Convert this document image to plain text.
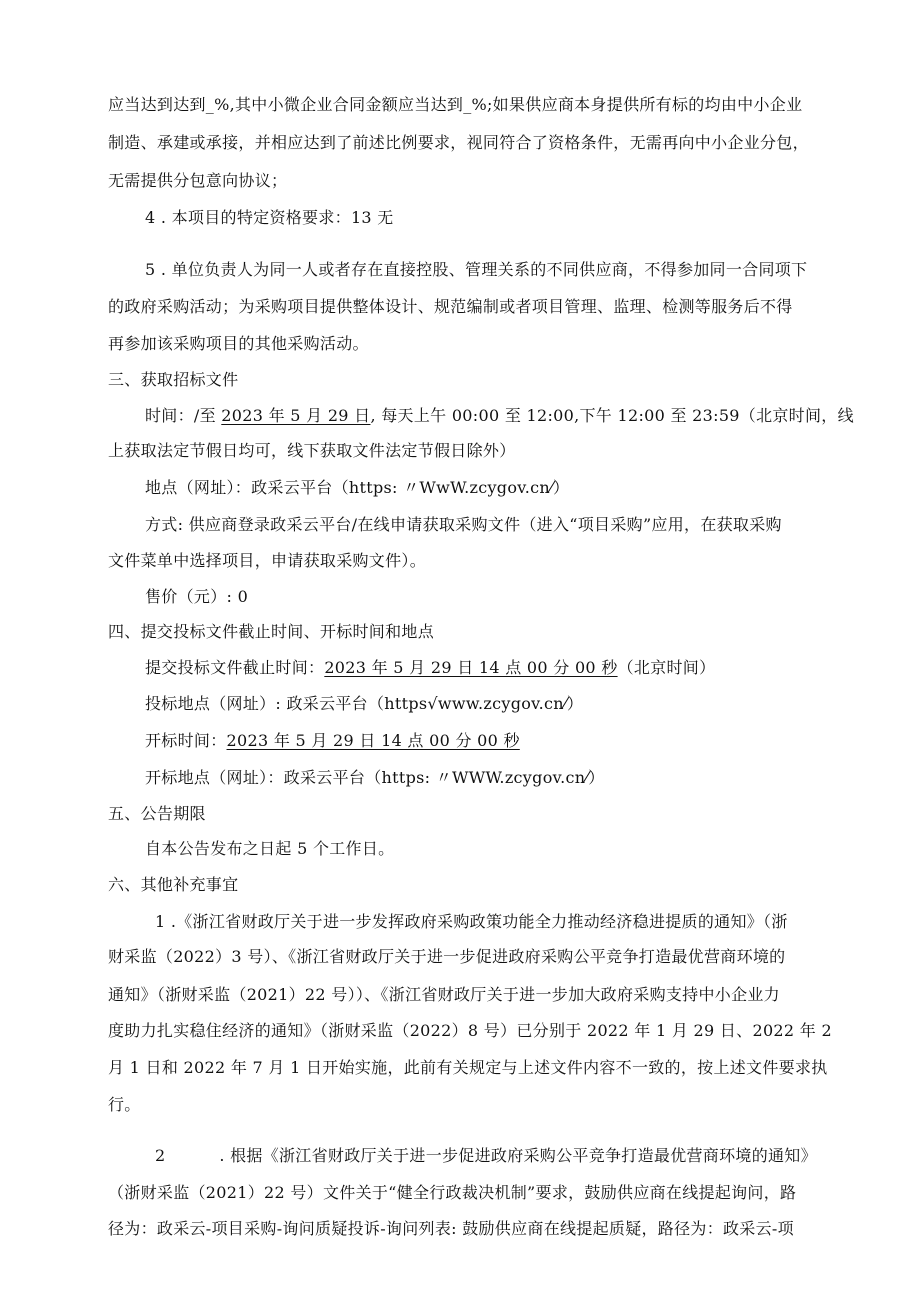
应当达到达到_%,其中小微企业合同金额应当达到_%;如果供应商本身提供所有标的均由中小企业
制造、承建或承接，并相应达到了前述比例要求，视同符合了资格条件，无需再向中小企业分包，
无需提供分包意向协议；
4 . 本项目的特定资格要求：13 无
5 . 单位负责人为同一人或者存在直接控股、管理关系的不同供应商，不得参加同一合同项下
的政府采购活动；为采购项目提供整体设计、规范编制或者项目管理、监理、检测等服务后不得
再参加该采购项目的其他采购活动。
三、获取招标文件
时间：/至 2023 年 5 月 29 日, 每天上午 00:00 至 12:00,下午 12:00 至 23:59（北京时间，线
上获取法定节假日均可，线下获取文件法定节假日除外）
地点（网址）：政采云平台（https: 〃WwW.zcygov.cn⁄）
方式: 供应商登录政采云平台/在线申请获取采购文件（进入“项目采购”应用，在获取采购
文件菜单中选择项目，申请获取采购文件）。
售价（元）: 0
四、提交投标文件截止时间、开标时间和地点
提交投标文件截止时间：2023 年 5 月 29 日 14 点 00 分 00 秒（北京时间）
投标地点（网址）: 政采云平台（https√www.zcygov.cn⁄）
开标时间：2023 年 5 月 29 日 14 点 00 分 00 秒
开标地点（网址）：政采云平台（https: 〃WWW.zcygov.cn⁄）
五、公告期限
自本公告发布之日起 5 个工作日。
六、其他补充事宜
1 .《浙江省财政厅关于进一步发挥政府采购政策功能全力推动经济稳进提质的通知》（浙
财采监（2022）3 号）、《浙江省财政厅关于进一步促进政府采购公平竞争打造最优营商环境的
通知》（浙财采监（2021）22 号））、《浙江省财政厅关于进一步加大政府采购支持中小企业力
度助力扎实稳住经济的通知》（浙财采监（2022）8 号）已分别于 2022 年 1 月 29 日、2022 年 2
月 1 日和 2022 年 7 月 1 日开始实施，此前有关规定与上述文件内容不一致的，按上述文件要求执
行。
2          . 根据《浙江省财政厅关于进一步促进政府采购公平竞争打造最优营商环境的通知》
（浙财采监（2021）22 号）文件关于“健全行政裁决机制”要求，鼓励供应商在线提起询问，路
径为：政采云-项目采购-询问质疑投诉-询问列表: 鼓励供应商在线提起质疑，路径为：政采云-项
